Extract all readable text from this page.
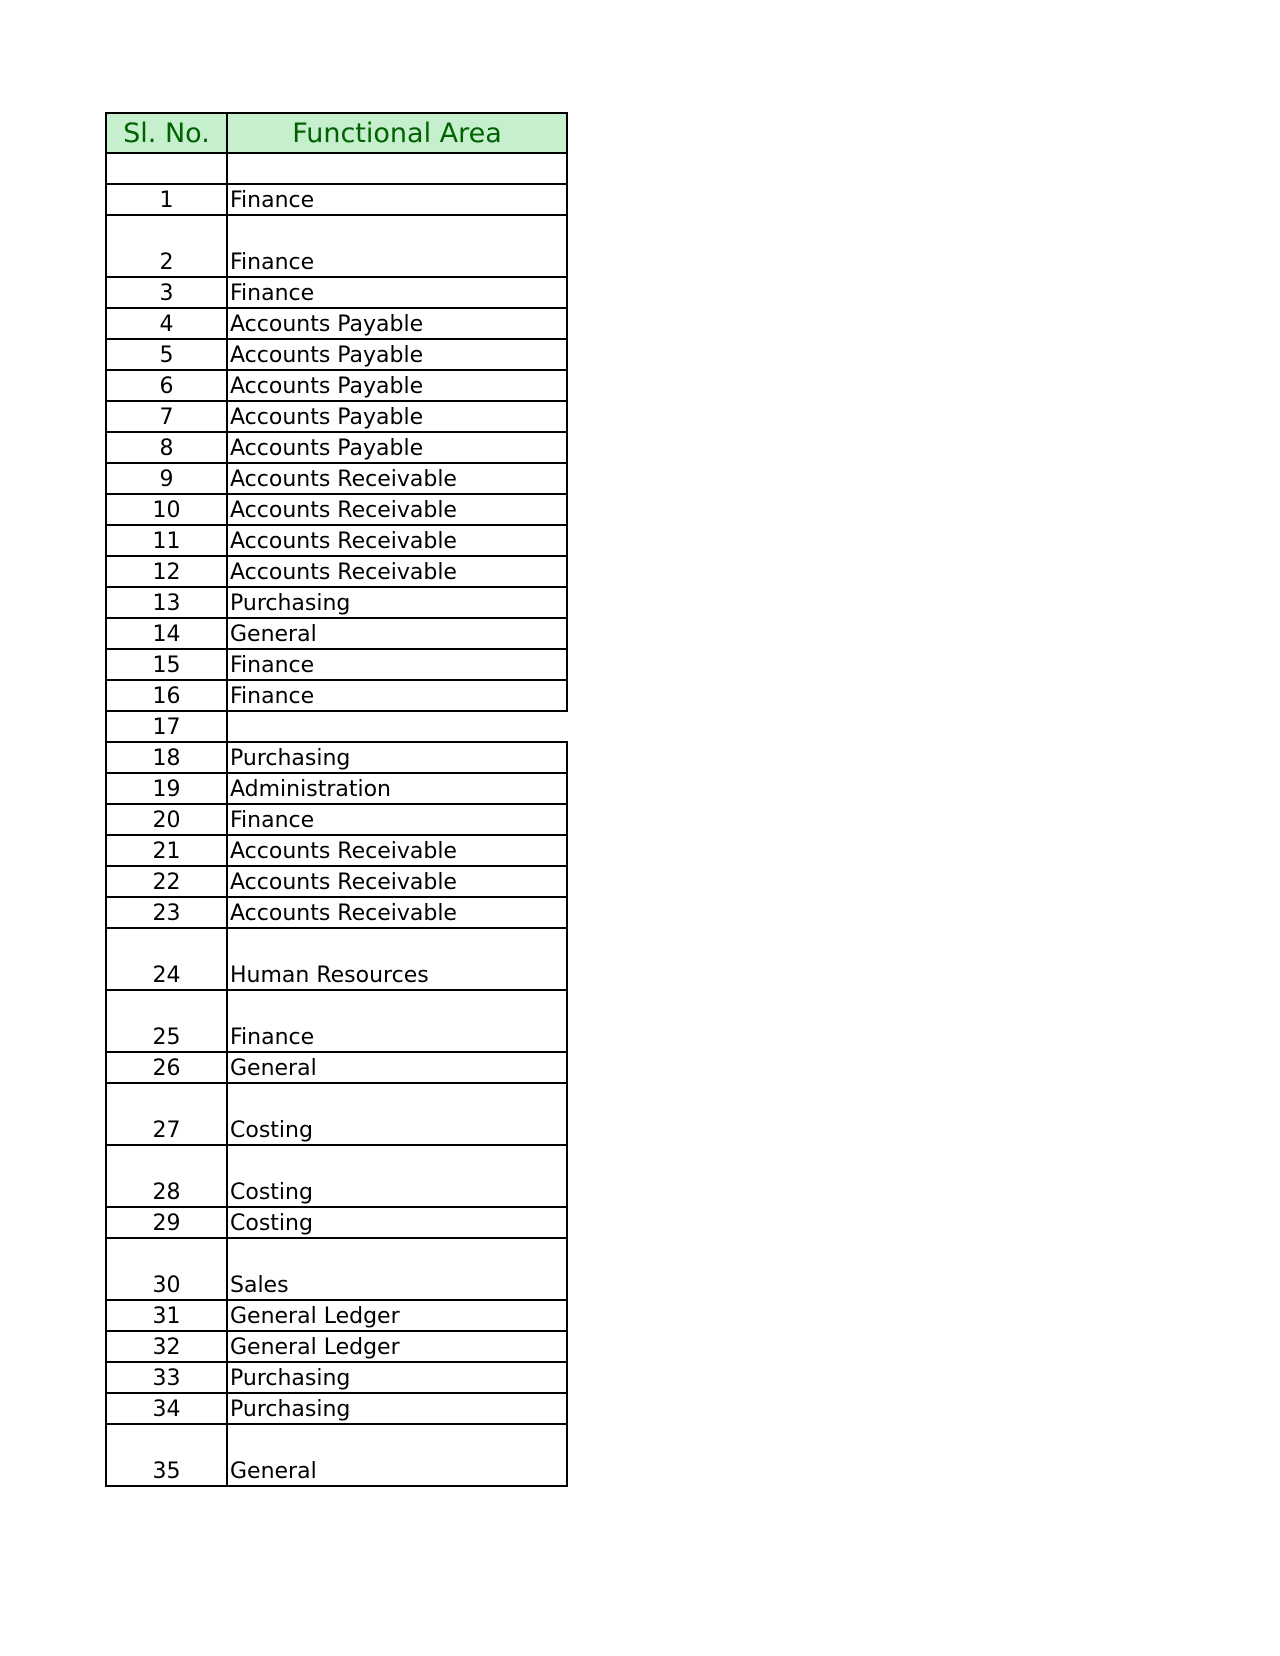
Sl. No.	Functional Area

1	Finance
2	Finance
3	Finance
4	Accounts Payable
5	Accounts Payable
6	Accounts Payable
7	Accounts Payable
8	Accounts Payable
9	Accounts Receivable
10	Accounts Receivable
11	Accounts Receivable
12	Accounts Receivable
13	Purchasing
14	General
15	Finance
16	Finance
17	
18	Purchasing
19	Administration
20	Finance
21	Accounts Receivable
22	Accounts Receivable
23	Accounts Receivable
24	Human Resources
25	Finance
26	General
27	Costing
28	Costing
29	Costing
30	Sales
31	General Ledger
32	General Ledger
33	Purchasing
34	Purchasing
35	General
